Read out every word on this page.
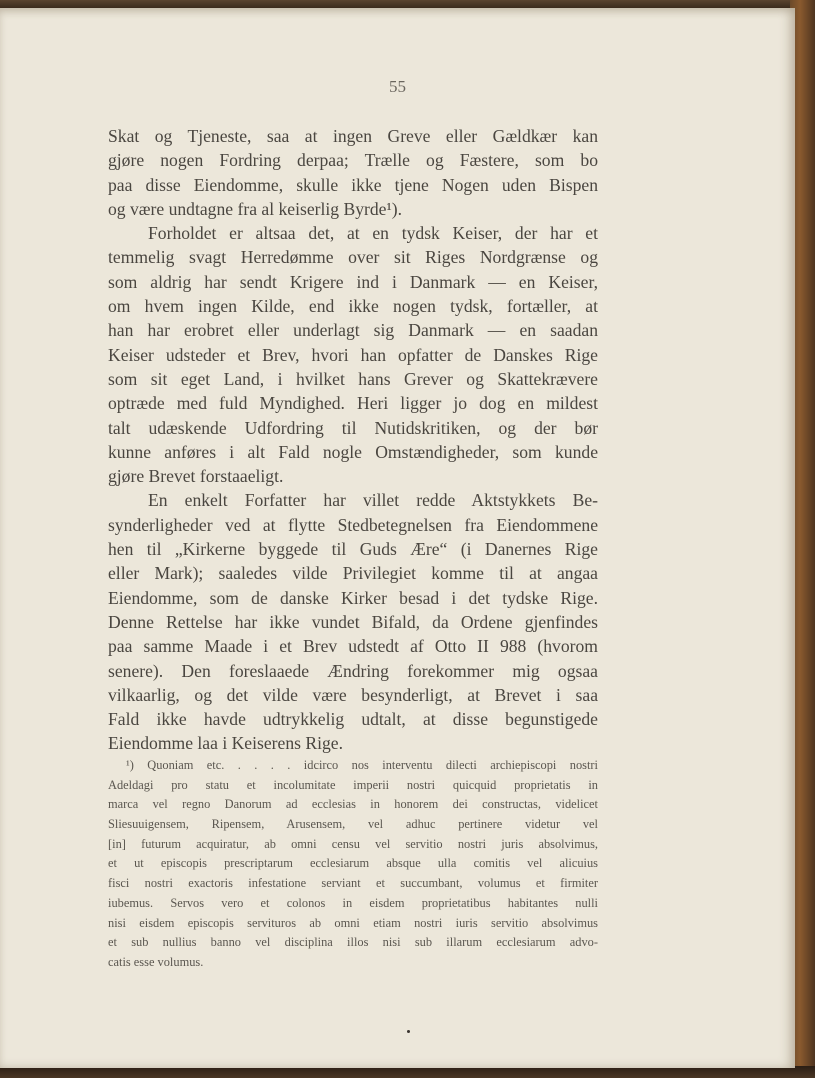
55
Skat og Tjeneste, saa at ingen Greve eller Gældkær kan
gjøre nogen Fordring derpaa; Trælle og Fæstere, som bo
paa disse Eiendomme, skulle ikke tjene Nogen uden Bispen
og være undtagne fra al keiserlig Byrde¹).
Forholdet er altsaa det, at en tydsk Keiser, der har et
temmelig svagt Herredømme over sit Riges Nordgrænse og
som aldrig har sendt Krigere ind i Danmark — en Keiser,
om hvem ingen Kilde, end ikke nogen tydsk, fortæller, at
han har erobret eller underlagt sig Danmark — en saadan
Keiser udsteder et Brev, hvori han opfatter de Danskes Rige
som sit eget Land, i hvilket hans Grever og Skattekrævere
optræde med fuld Myndighed. Heri ligger jo dog en mildest
talt udæskende Udfordring til Nutidskritiken, og der bør
kunne anføres i alt Fald nogle Omstændigheder, som kunde
gjøre Brevet forstaaeligt.
En enkelt Forfatter har villet redde Aktstykkets Be-
synderligheder ved at flytte Stedbetegnelsen fra Eiendommene
hen til „Kirkerne byggede til Guds Ære“ (i Danernes Rige
eller Mark); saaledes vilde Privilegiet komme til at angaa
Eiendomme, som de danske Kirker besad i det tydske Rige.
Denne Rettelse har ikke vundet Bifald, da Ordene gjenfindes
paa samme Maade i et Brev udstedt af Otto II 988 (hvorom
senere). Den foreslaaede Ændring forekommer mig ogsaa
vilkaarlig, og det vilde være besynderligt, at Brevet i saa
Fald ikke havde udtrykkelig udtalt, at disse begunstigede
Eiendomme laa i Keiserens Rige.
¹) Quoniam etc. . . . . idcirco nos interventu dilecti archiepiscopi nostri
Adeldagi pro statu et incolumitate imperii nostri quicquid proprietatis in
marca vel regno Danorum ad ecclesias in honorem dei constructas, videlicet
Sliesuuigensem, Ripensem, Arusensem, vel adhuc pertinere videtur vel
[in] futurum acquiratur, ab omni censu vel servitio nostri juris absolvimus,
et ut episcopis prescriptarum ecclesiarum absque ulla comitis vel alicuius
fisci nostri exactoris infestatione serviant et succumbant, volumus et firmiter
iubemus. Servos vero et colonos in eisdem proprietatibus habitantes nulli
nisi eisdem episcopis servituros ab omni etiam nostri iuris servitio absolvimus
et sub nullius banno vel disciplina illos nisi sub illarum ecclesiarum advo-
catis esse volumus.
